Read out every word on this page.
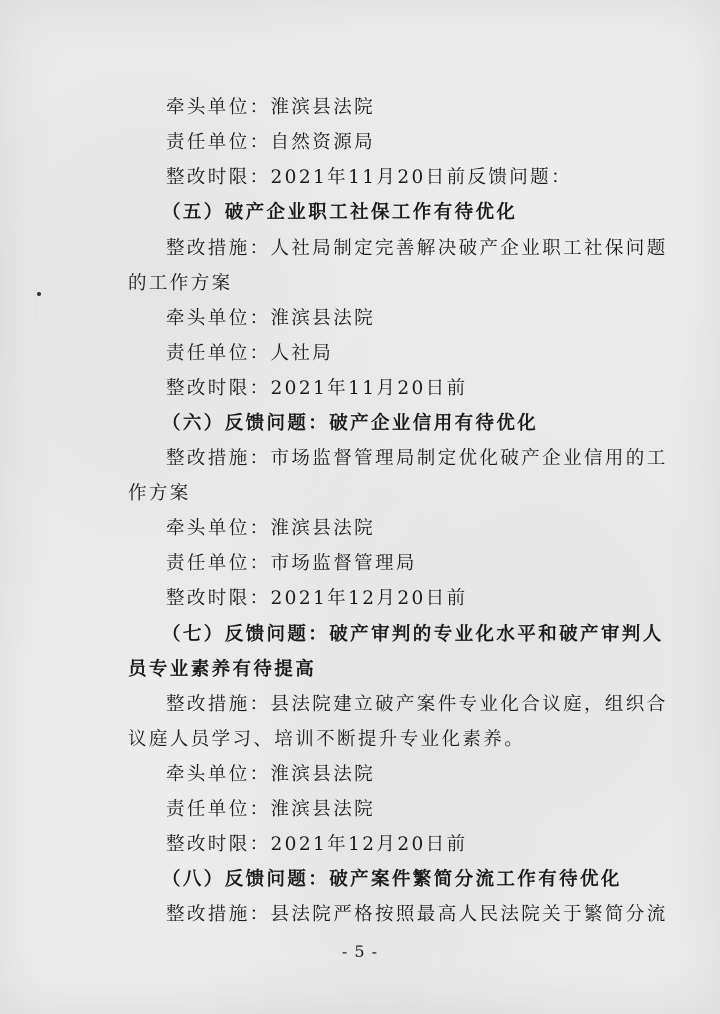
牵头单位：淮滨县法院
责任单位：自然资源局
整改时限：2021年11月20日前反馈问题：
（五）破产企业职工社保工作有待优化
整改措施：人社局制定完善解决破产企业职工社保问题
的工作方案
牵头单位：淮滨县法院
责任单位：人社局
整改时限：2021年11月20日前
（六）反馈问题：破产企业信用有待优化
整改措施：市场监督管理局制定优化破产企业信用的工
作方案
牵头单位：淮滨县法院
责任单位：市场监督管理局
整改时限：2021年12月20日前
（七）反馈问题：破产审判的专业化水平和破产审判人
员专业素养有待提高
整改措施：县法院建立破产案件专业化合议庭，组织合
议庭人员学习、培训不断提升专业化素养。
牵头单位：淮滨县法院
责任单位：淮滨县法院
整改时限：2021年12月20日前
（八）反馈问题：破产案件繁简分流工作有待优化
整改措施：县法院严格按照最高人民法院关于繁简分流
- 5 -
